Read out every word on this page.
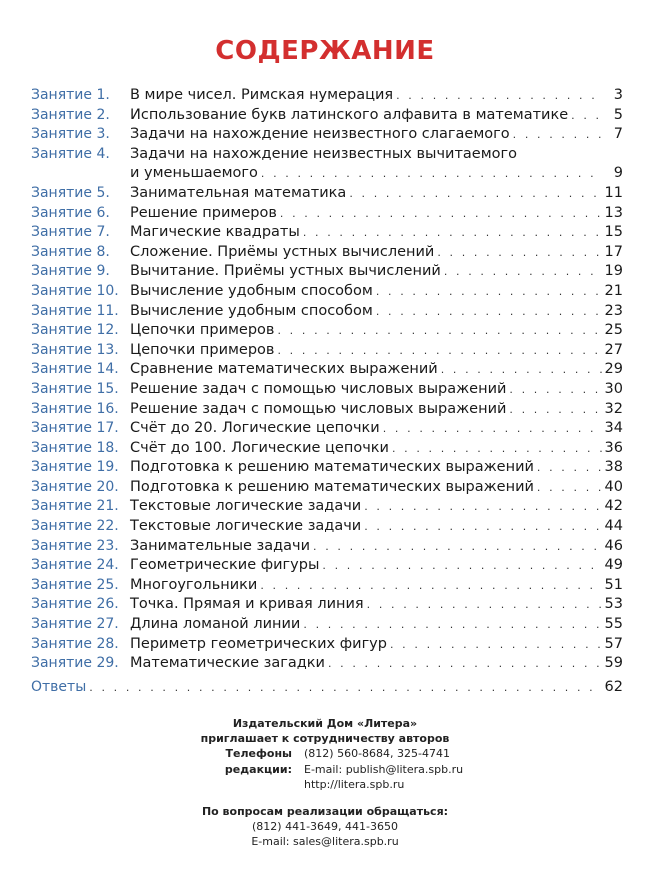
СОДЕРЖАНИЕ
Занятие 1.	В мире чисел. Римская нумерация . . .	3
Занятие 2.	Использование букв латинского алфавита в математике . . .	5
Занятие 3.	Задачи на нахождение неизвестного слагаемого . . .	7
Занятие 4.	Задачи на нахождение неизвестных вычитаемого
и уменьшаемого . . .	9
Занятие 5.	Занимательная математика . . .	11
Занятие 6.	Решение примеров . . .	13
Занятие 7.	Магические квадраты . . .	15
Занятие 8.	Сложение. Приёмы устных вычислений . . .	17
Занятие 9.	Вычитание. Приёмы устных вычислений . . .	19
Занятие 10. Вычисление удобным способом . . .	21
Занятие 11. Вычисление удобным способом . . .	23
Занятие 12. Цепочки примеров . . .	25
Занятие 13. Цепочки примеров . . .	27
Занятие 14. Сравнение математических выражений . . .	29
Занятие 15. Решение задач с помощью числовых выражений . . .	30
Занятие 16. Решение задач с помощью числовых выражений . . .	32
Занятие 17. Счёт до 20. Логические цепочки . . .	34
Занятие 18. Счёт до 100. Логические цепочки . . .	36
Занятие 19. Подготовка к решению математических выражений . . .	38
Занятие 20. Подготовка к решению математических выражений . . .	40
Занятие 21. Текстовые логические задачи . . .	42
Занятие 22. Текстовые логические задачи . . .	44
Занятие 23. Занимательные задачи . . .	46
Занятие 24. Геометрические фигуры . . .	49
Занятие 25. Многоугольники . . .	51
Занятие 26. Точка. Прямая и кривая линия . . .	53
Занятие 27. Длина ломаной линии . . .	55
Занятие 28. Периметр геометрических фигур . . .	57
Занятие 29. Математические загадки . . .	59
Ответы . . .	62
Издательский Дом «Литера»
приглашает к сотрудничеству авторов
Телефоны редакции:
(812) 560-8684, 325-4741
E-mail: publish@litera.spb.ru
http://litera.spb.ru
По вопросам реализации обращаться:
(812) 441-3649, 441-3650
E-mail: sales@litera.spb.ru
